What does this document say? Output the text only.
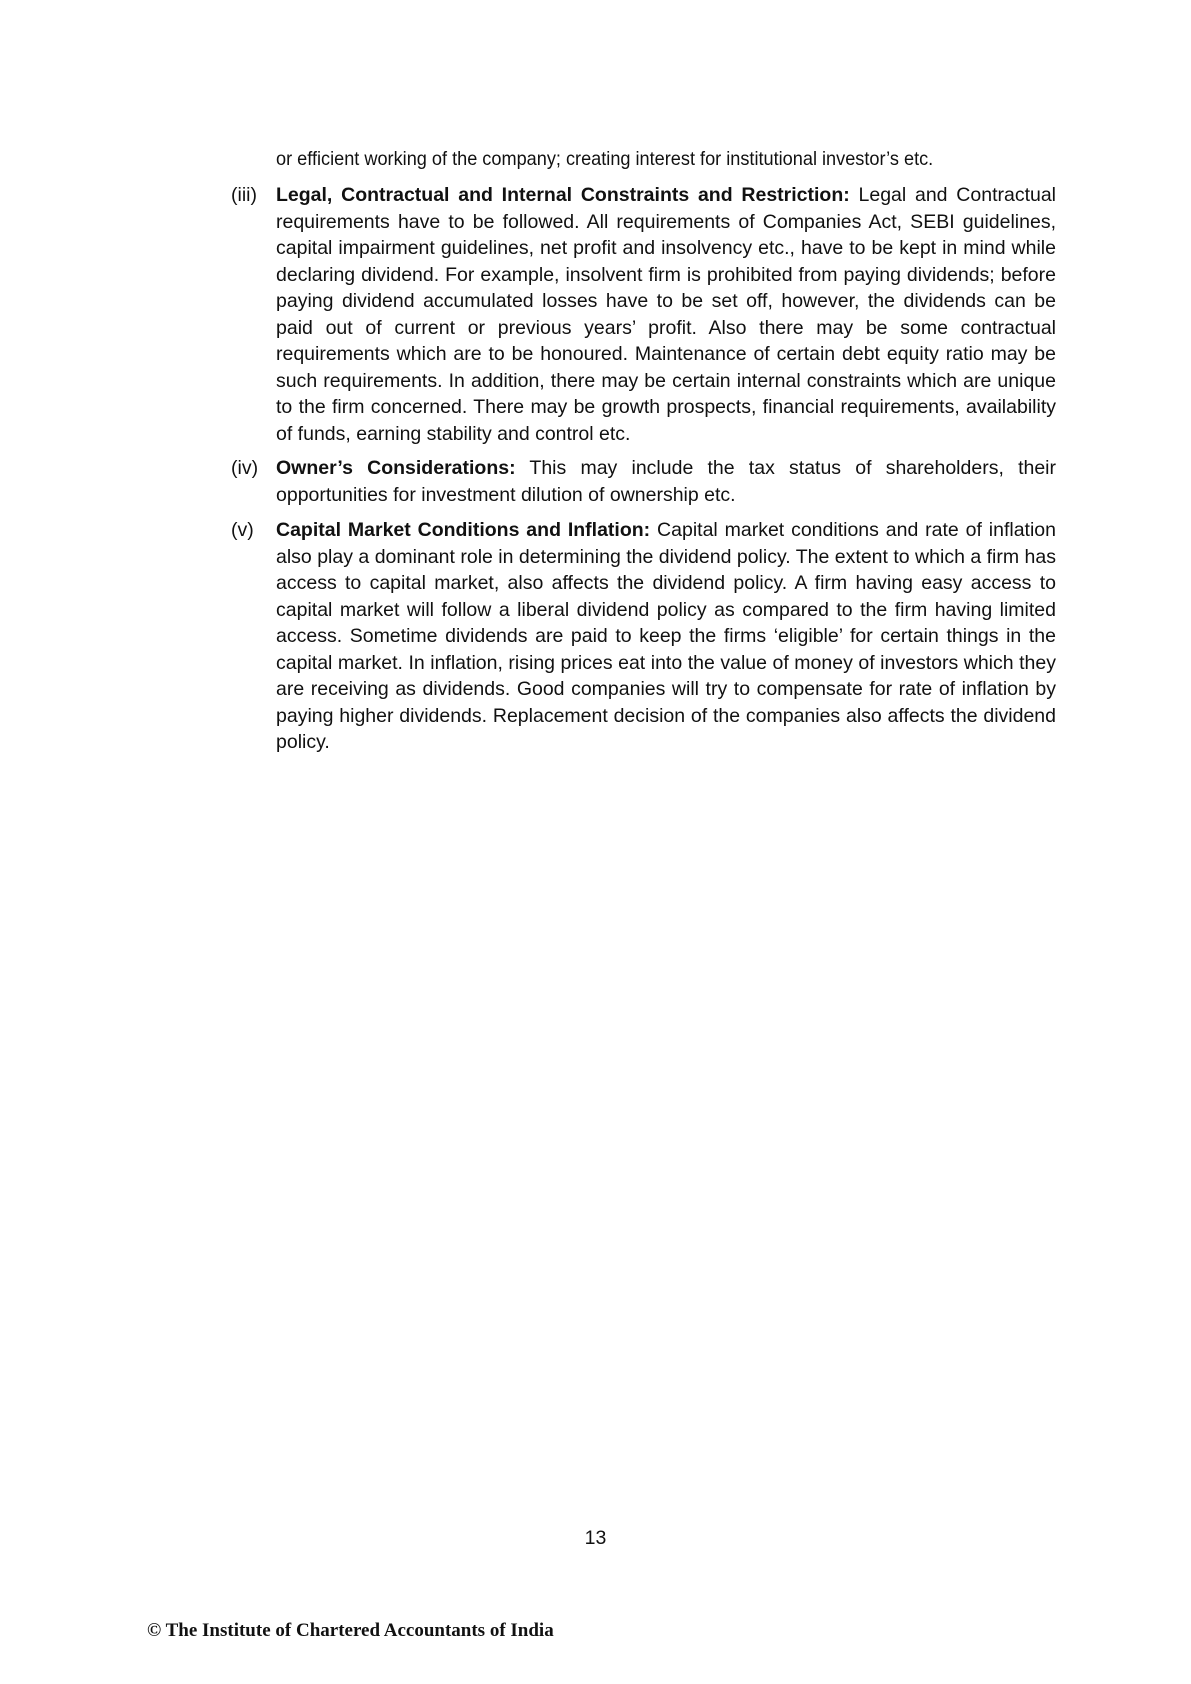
or efficient working of the company; creating interest for institutional investor’s etc.

(iii) Legal, Contractual and Internal Constraints and Restriction: Legal and Contractual requirements have to be followed. All requirements of Companies Act, SEBI guidelines, capital impairment guidelines, net profit and insolvency etc., have to be kept in mind while declaring dividend. For example, insolvent firm is prohibited from paying dividends; before paying dividend accumulated losses have to be set off, however, the dividends can be paid out of current or previous years’ profit. Also there may be some contractual requirements which are to be honoured. Maintenance of certain debt equity ratio may be such requirements. In addition, there may be certain internal constraints which are unique to the firm concerned. There may be growth prospects, financial requirements, availability of funds, earning stability and control etc.

(iv) Owner’s Considerations: This may include the tax status of shareholders, their opportunities for investment dilution of ownership etc.

(v) Capital Market Conditions and Inflation: Capital market conditions and rate of inflation also play a dominant role in determining the dividend policy. The extent to which a firm has access to capital market, also affects the dividend policy. A firm having easy access to capital market will follow a liberal dividend policy as compared to the firm having limited access. Sometime dividends are paid to keep the firms ‘eligible’ for certain things in the capital market. In inflation, rising prices eat into the value of money of investors which they are receiving as dividends. Good companies will try to compensate for rate of inflation by paying higher dividends. Replacement decision of the companies also affects the dividend policy.

13

© The Institute of Chartered Accountants of India
